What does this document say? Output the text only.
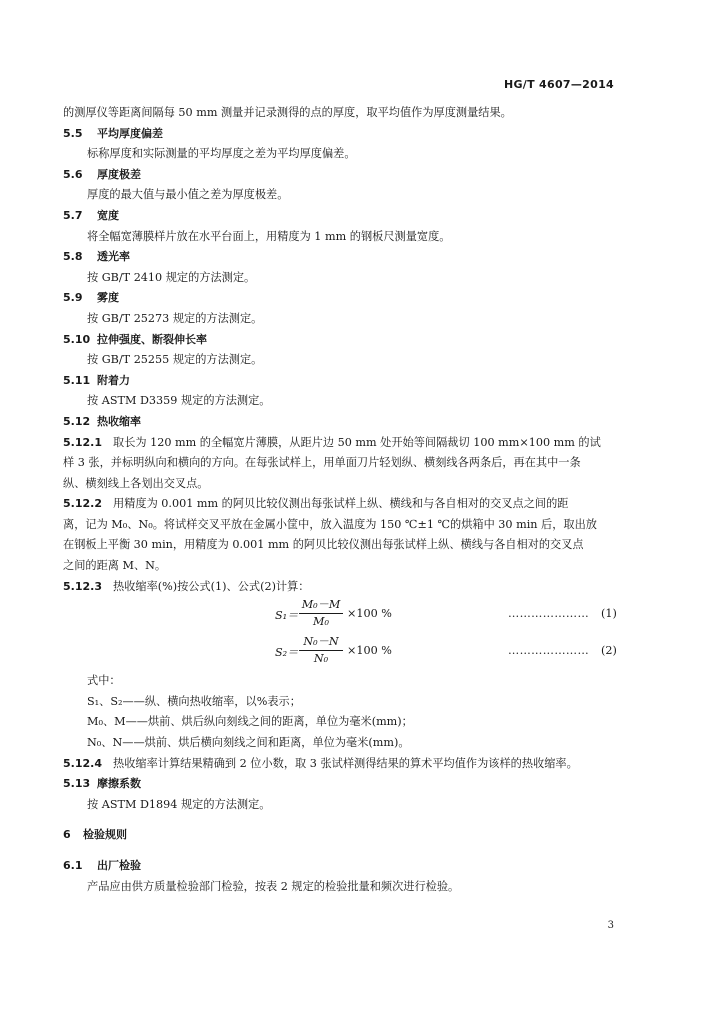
HG/T 4607—2014
的测厚仪等距离间隔每 50 mm 测量并记录测得的点的厚度，取平均值作为厚度测量结果。
5.5 平均厚度偏差
标称厚度和实际测量的平均厚度之差为平均厚度偏差。
5.6 厚度极差
厚度的最大值与最小值之差为厚度极差。
5.7 宽度
将全幅宽薄膜样片放在水平台面上，用精度为 1 mm 的钢板尺测量宽度。
5.8 透光率
按 GB/T 2410 规定的方法测定。
5.9 雾度
按 GB/T 25273 规定的方法测定。
5.10 拉伸强度、断裂伸长率
按 GB/T 25255 规定的方法测定。
5.11 附着力
按 ASTM D3359 规定的方法测定。
5.12 热收缩率
5.12.1 取长为 120 mm 的全幅宽片薄膜，从距片边 50 mm 处开始等间隔裁切 100 mm×100 mm 的试
样 3 张，并标明纵向和横向的方向。在每张试样上，用单面刀片轻划纵、横刻线各两条后，再在其中一条
纵、横刻线上各划出交叉点。
5.12.2 用精度为 0.001 mm 的阿贝比较仪测出每张试样上纵、横线和与各自相对的交叉点之间的距
离，记为 M₀、N₀。将试样交叉平放在金属小筐中，放入温度为 150 ℃±1 ℃的烘箱中 30 min 后，取出放
在钢板上平衡 30 min，用精度为 0.001 mm 的阿贝比较仪测出每张试样上纵、横线与各自相对的交叉点
之间的距离 M、N。
5.12.3 热收缩率(%)按公式(1)、公式(2)计算：
$S_1= \frac{\text{M₀－M}}{\text{M₀}} \times 100$ %	………………… (1)
$S_2= \frac{\text{N₀－N}}{\text{N₀}} \times 100$ %	………………… (2)
式中：
S₁、S₂——纵、横向热收缩率，以%表示；
M₀、M——烘前、烘后纵向刻线之间的距离，单位为毫米(mm)；
N₀、N——烘前、烘后横向刻线之间和距离，单位为毫米(mm)。
5.12.4 热收缩率计算结果精确到 2 位小数，取 3 张试样测得结果的算术平均值作为该样的热收缩率。
5.13 摩擦系数
按 ASTM D1894 规定的方法测定。
6 检验规则
6.1 出厂检验
产品应由供方质量检验部门检验，按表 2 规定的检验批量和频次进行检验。
3
